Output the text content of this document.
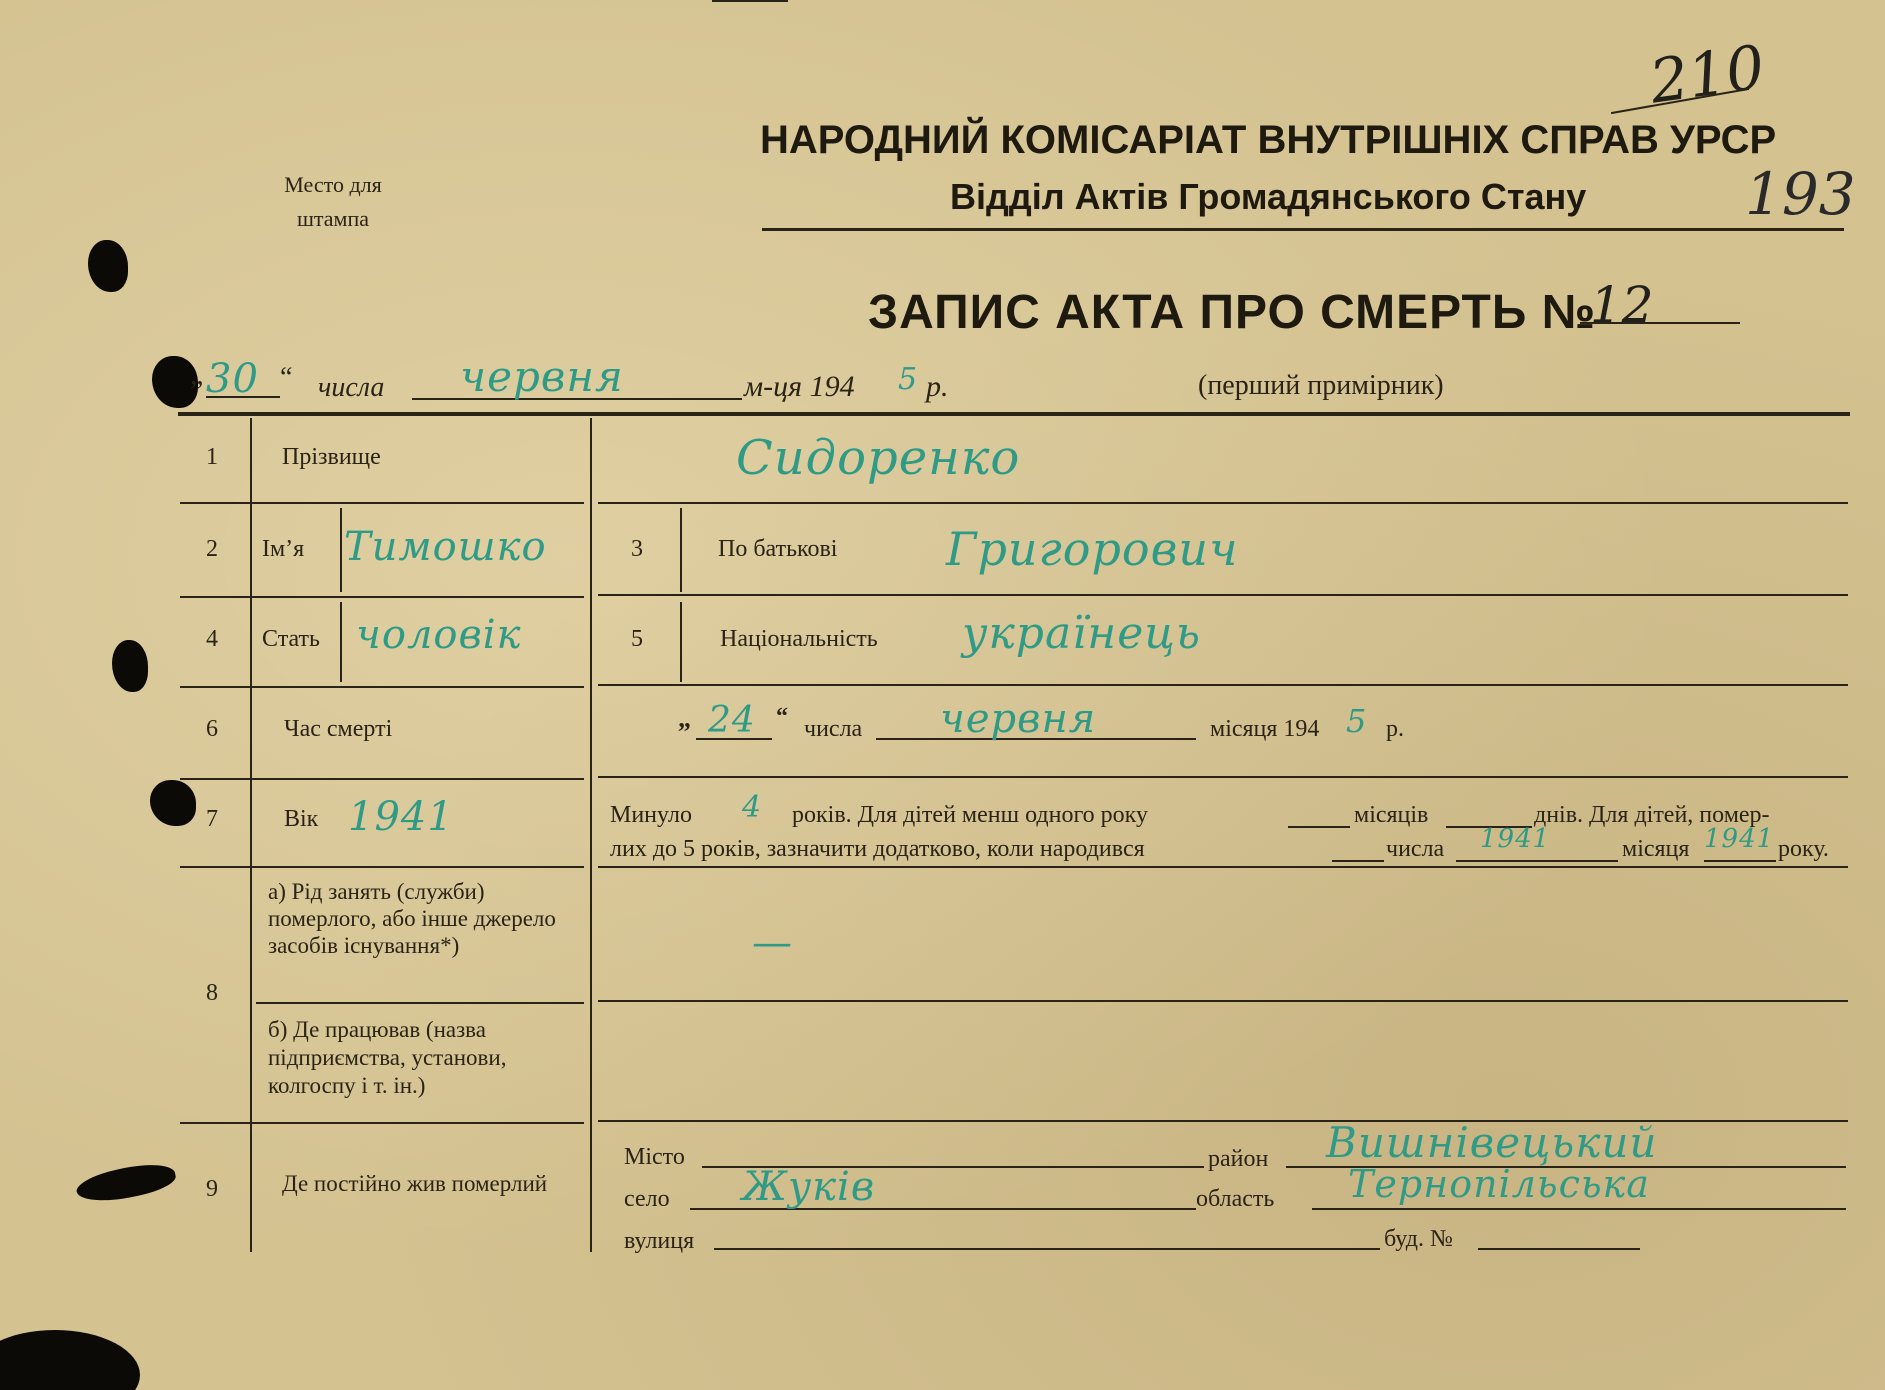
Место для штампа
210
НАРОДНИЙ КОМІСАРІАТ ВНУТРІШНІХ СПРАВ УРСР
Відділ Актів Громадянського Стану	193
ЗАПИС АКТА ПРО СМЕРТЬ №
12
„ 30 “ числа червня	м-ця 194 5 р.	(перший примірник)
1	Прізвище	Сидоренко
2	Ім’я Тимошко	3	По батькові Григорович
4	Стать чоловік	5	Національність українець
6	Час смерті	„ 24 “ числа червня	місяця 194 5 р.
7	Вік 1941	Минуло 4 років. Для дітей менш одного року	місяців	днів. Для дітей, помер-
лих до 5 років, зазначити додатково, коли народився	числа 1941	місяця 1941 року.
8
а) Рід занять (служби) померлого, або інше джерело засобів існування*)	—
б) Де працював (назва підприємства, установи, колгоспу і т. ін.)
9	Де постійно жив померлий
Місто	район Вишнівецький
село Жуків	область Тернопільська
вулиця	буд. №
